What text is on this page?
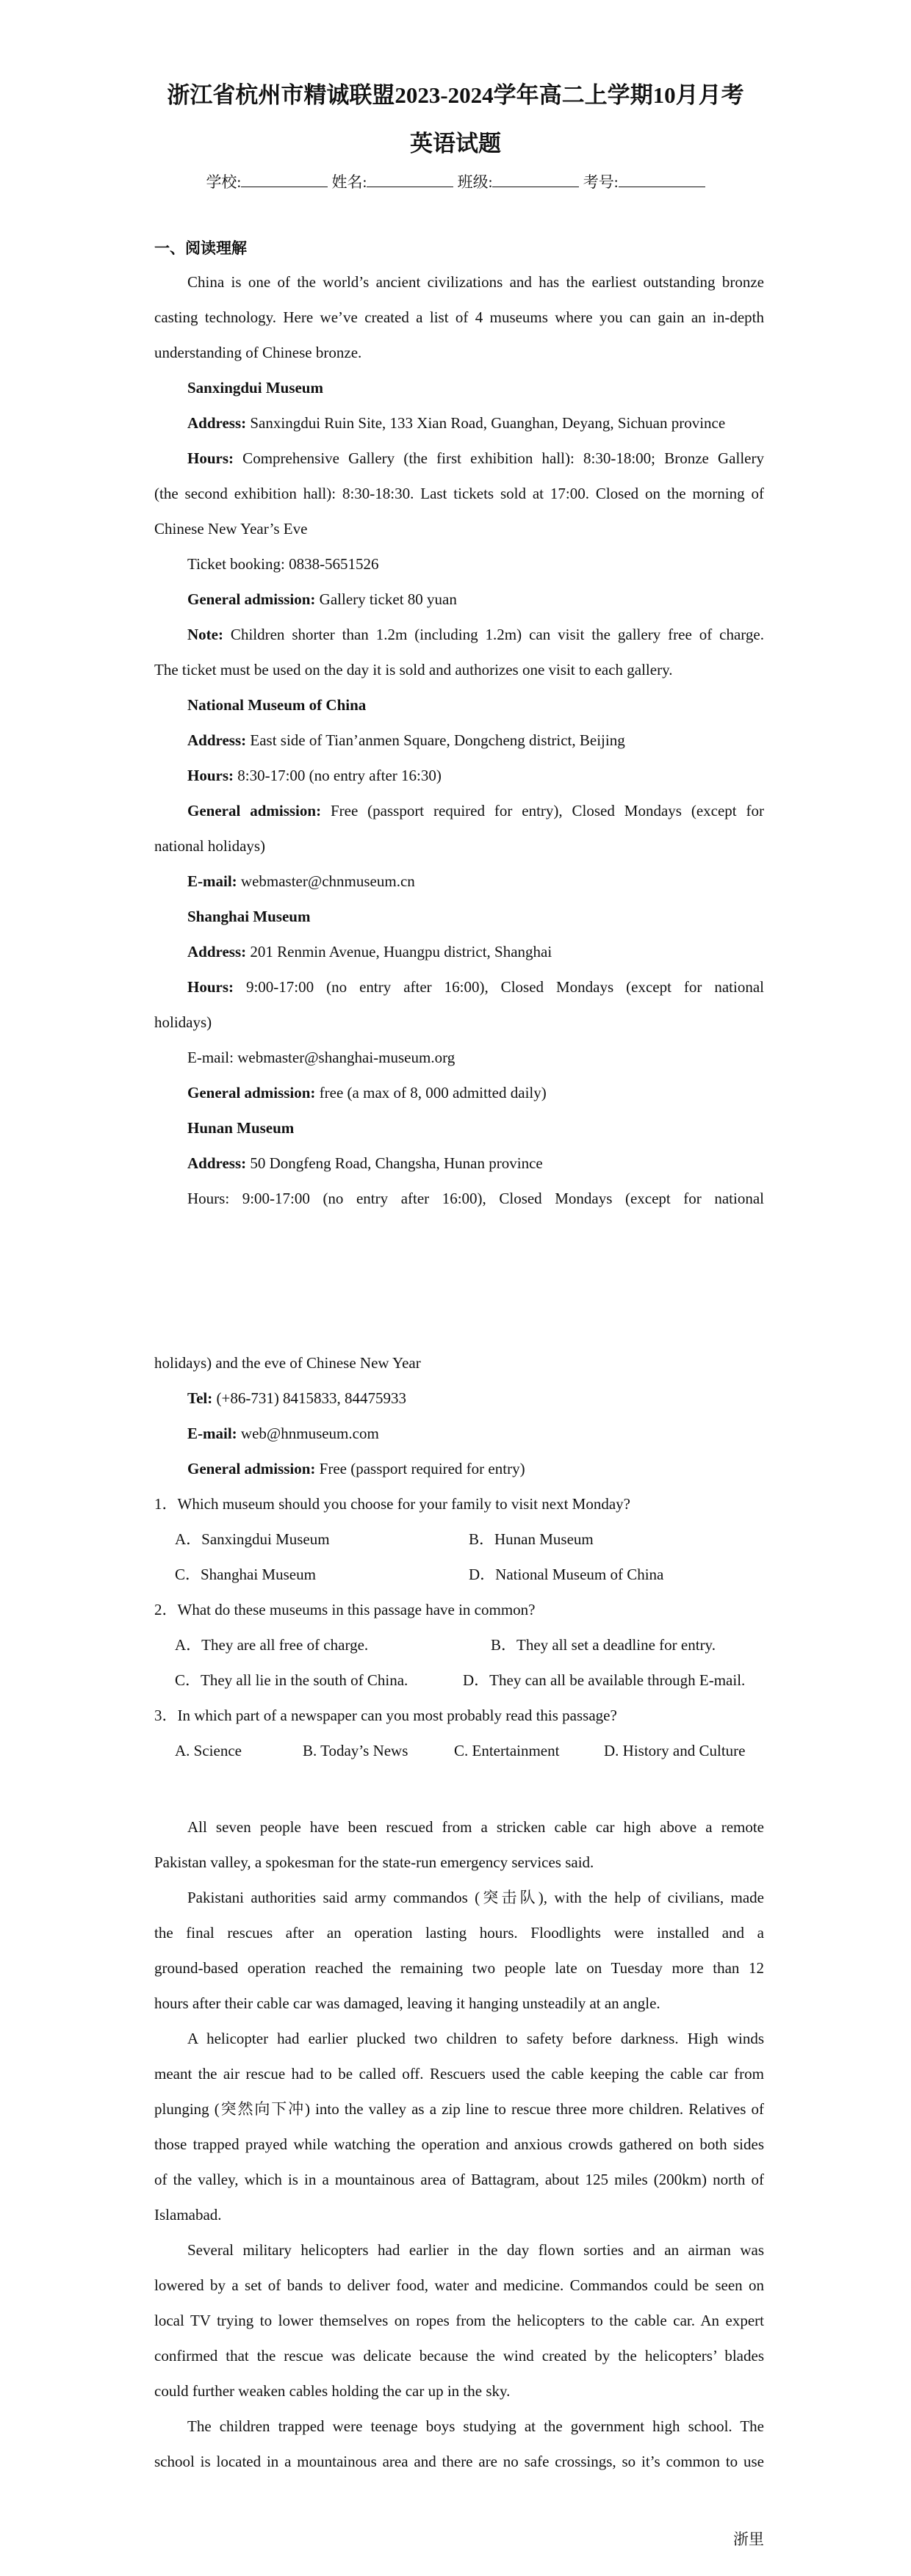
浙江省杭州市精诚联盟2023-2024学年高二上学期10月月考
英语试题
学校:	姓名:	班级:	考号:
一、阅读理解
China is one of the world’s ancient civilizations and has the earliest outstanding bronze
casting technology. Here we’ve created a list of 4 museums where you can gain an in-depth
understanding of Chinese bronze.
Sanxingdui Museum
Address: Sanxingdui Ruin Site, 133 Xian Road, Guanghan, Deyang, Sichuan province
Hours: Comprehensive Gallery (the first exhibition hall): 8:30-18:00; Bronze Gallery
(the second exhibition hall): 8:30-18:30. Last tickets sold at 17:00. Closed on the morning of
Chinese New Year’s Eve
Ticket booking: 0838-5651526
General admission: Gallery ticket 80 yuan
Note: Children shorter than 1.2m (including 1.2m) can visit the gallery free of charge.
The ticket must be used on the day it is sold and authorizes one visit to each gallery.
National Museum of China
Address: East side of Tian’anmen Square, Dongcheng district, Beijing
Hours: 8:30-17:00 (no entry after 16:30)
General admission: Free (passport required for entry), Closed Mondays (except for
national holidays)
E-mail: webmaster@chnmuseum.cn
Shanghai Museum
Address: 201 Renmin Avenue, Huangpu district, Shanghai
Hours: 9:00-17:00 (no entry after 16:00), Closed Mondays (except for national
holidays)
E-mail: webmaster@shanghai-museum.org
General admission: free (a max of 8, 000 admitted daily)
Hunan Museum
Address: 50 Dongfeng Road, Changsha, Hunan province
Hours: 9:00-17:00 (no entry after 16:00), Closed Mondays (except for national
holidays) and the eve of Chinese New Year
Tel: (+86-731) 8415833, 84475933
E-mail: web@hnmuseum.com
General admission: Free (passport required for entry)
1．Which museum should you choose for your family to visit next Monday?
A．Sanxingdui Museum	B．Hunan Museum
C．Shanghai Museum	D．National Museum of China
2．What do these museums in this passage have in common?
A．They are all free of charge.	B．They all set a deadline for entry.
C．They all lie in the south of China.	D．They can all be available through E-mail.
3．In which part of a newspaper can you most probably read this passage?
A. Science	B. Today’s News	C. Entertainment	D. History and Culture
All seven people have been rescued from a stricken cable car high above a remote
Pakistan valley, a spokesman for the state-run emergency services said.
Pakistani authorities said army commandos (突击队), with the help of civilians, made
the final rescues after an operation lasting hours. Floodlights were installed and a
ground-based operation reached the remaining two people late on Tuesday more than 12
hours after their cable car was damaged, leaving it hanging unsteadily at an angle.
A helicopter had earlier plucked two children to safety before darkness. High winds
meant the air rescue had to be called off. Rescuers used the cable keeping the cable car from
plunging (突然向下冲) into the valley as a zip line to rescue three more children. Relatives of
those trapped prayed while watching the operation and anxious crowds gathered on both sides
of the valley, which is in a mountainous area of Battagram, about 125 miles (200km) north of
Islamabad.
Several military helicopters had earlier in the day flown sorties and an airman was
lowered by a set of bands to deliver food, water and medicine. Commandos could be seen on
local TV trying to lower themselves on ropes from the helicopters to the cable car. An expert
confirmed that the rescue was delicate because the wind created by the helicopters’ blades
could further weaken cables holding the car up in the sky.
The children trapped were teenage boys studying at the government high school. The
school is located in a mountainous area and there are no safe crossings, so it’s common to use
浙里
